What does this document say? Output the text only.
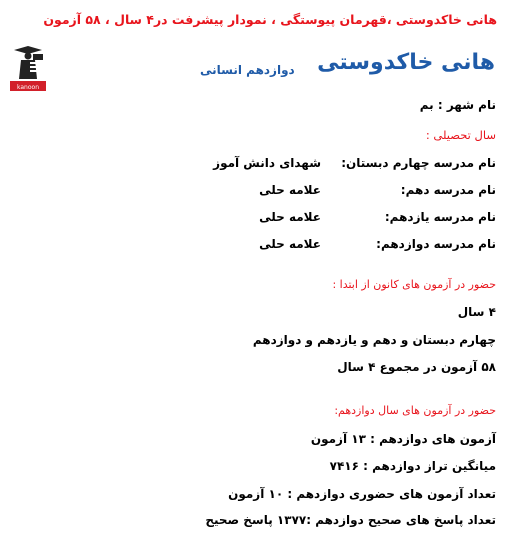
هانی خاکدوستی ،قهرمان پیوستگی ، نمودار پیشرفت در۴ سال ، ۵۸ آزمون
kanoon
هانی خاکدوستی
دوازدهم انسانی
نام شهر : بم
سال تحصیلی :
نام مدرسه چهارم دبستان:
شهدای دانش آموز
نام مدرسه دهم:
علامه حلی
نام مدرسه یازدهم:
علامه حلی
نام مدرسه دوازدهم:
علامه حلی
حضور در آزمون های کانون از ابتدا :
۴ سال
چهارم دبستان و دهم و یازدهم و دوازدهم
۵۸ آزمون در مجموع ۴ سال
حضور در آزمون های سال دوازدهم:
آزمون های دوازدهم : ۱۳ آزمون
میانگین تراز دوازدهم : ۷۴۱۶
تعداد آزمون های حضوری دوازدهم : ۱۰ آزمون
تعداد پاسخ های صحیح دوازدهم :۱۳۷۷ پاسخ صحیح
